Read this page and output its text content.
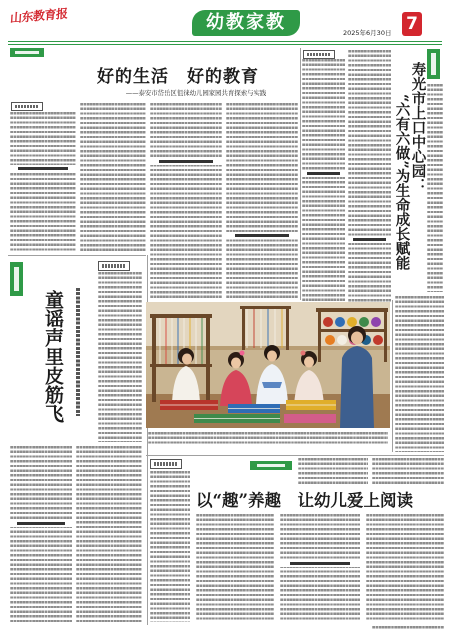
山东教育报	幼教家教	2025年6月30日 7
好的生活　好的教育
——泰安市岱岳区徂徕幼儿园家园共育探索与实践	寿光市上口中心园：
“六有六做”为生命成长赋能
童谣声里皮筋飞
以“趣”养趣　让幼儿爱上阅读
